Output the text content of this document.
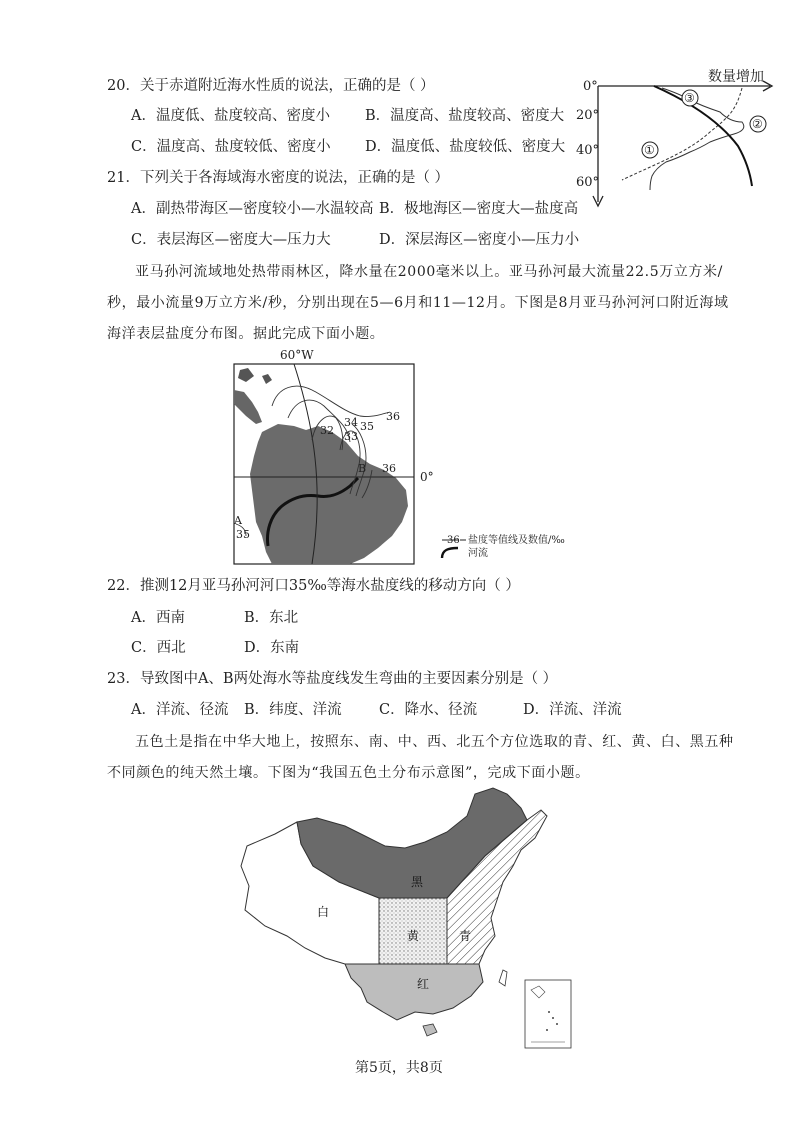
20．关于赤道附近海水性质的说法，正确的是（ ）
A．温度低、盐度较高、密度小 B．温度高、盐度较高、密度大
C．温度高、盐度较低、密度小 D．温度低、盐度较低、密度大
数量增加
0°
20°
40°
60°
③
②
①
21．下列关于各海域海水密度的说法，正确的是（ ）
A．副热带海区—密度较小—水温较高 B．极地海区—密度大—盐度高
C．表层海区—密度大—压力大	D．深层海区—密度小—压力小
亚马孙河流域地处热带雨林区，降水量在2000毫米以上。亚马孙河最大流量22.5万立方米/
秒，最小流量9万立方米/秒，分别出现在5—6月和11—12月。下图是8月亚马孙河河口附近海域
海洋表层盐度分布图。据此完成下面小题。
60°W
0°
36
34 35
32 33
36
B
A
35	36 盐度等值线及数值/‰
河流
22．推测12月亚马孙河河口35‰等海水盐度线的移动方向（ ）
A．西南	B．东北
C．西北	D．东南
23．导致图中A、B两处海水等盐度线发生弯曲的主要因素分别是（ ）
A．洋流、径流 B．纬度、洋流	C．降水、径流	D．洋流、洋流
五色土是指在中华大地上，按照东、南、中、西、北五个方位选取的青、红、黄、白、黑五种
不同颜色的纯天然土壤。下图为“我国五色土分布示意图”，完成下面小题。
黑
白
黄	青
红
第5页，共8页
